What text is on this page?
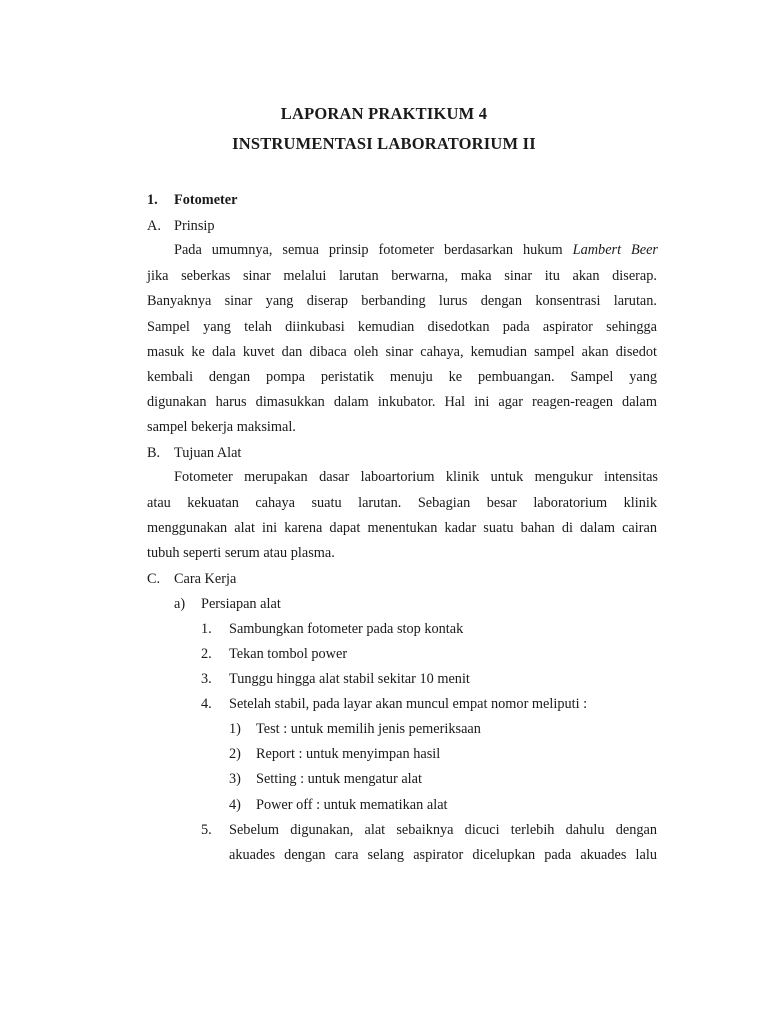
LAPORAN PRAKTIKUM 4
INSTRUMENTASI LABORATORIUM II
1. Fotometer
A. Prinsip
Pada umumnya, semua prinsip fotometer berdasarkan hukum Lambert Beer
jika seberkas sinar melalui larutan berwarna, maka sinar itu akan diserap.
Banyaknya sinar yang diserap berbanding lurus dengan konsentrasi larutan.
Sampel yang telah diinkubasi kemudian disedotkan pada aspirator sehingga
masuk ke dala kuvet dan dibaca oleh sinar cahaya, kemudian sampel akan disedot
kembali dengan pompa peristatik menuju ke pembuangan. Sampel yang
digunakan harus dimasukkan dalam inkubator. Hal ini agar reagen-reagen dalam
sampel bekerja maksimal.
B. Tujuan Alat
Fotometer merupakan dasar laboartorium klinik untuk mengukur intensitas
atau kekuatan cahaya suatu larutan. Sebagian besar laboratorium klinik
menggunakan alat ini karena dapat menentukan kadar suatu bahan di dalam cairan
tubuh seperti serum atau plasma.
C. Cara Kerja
a) Persiapan alat
1. Sambungkan fotometer pada stop kontak
2. Tekan tombol power
3. Tunggu hingga alat stabil sekitar 10 menit
4. Setelah stabil, pada layar akan muncul empat nomor meliputi :
1) Test : untuk memilih jenis pemeriksaan
2) Report : untuk menyimpan hasil
3) Setting : untuk mengatur alat
4) Power off : untuk mematikan alat
5. Sebelum digunakan, alat sebaiknya dicuci terlebih dahulu dengan
akuades dengan cara selang aspirator dicelupkan pada akuades lalu
